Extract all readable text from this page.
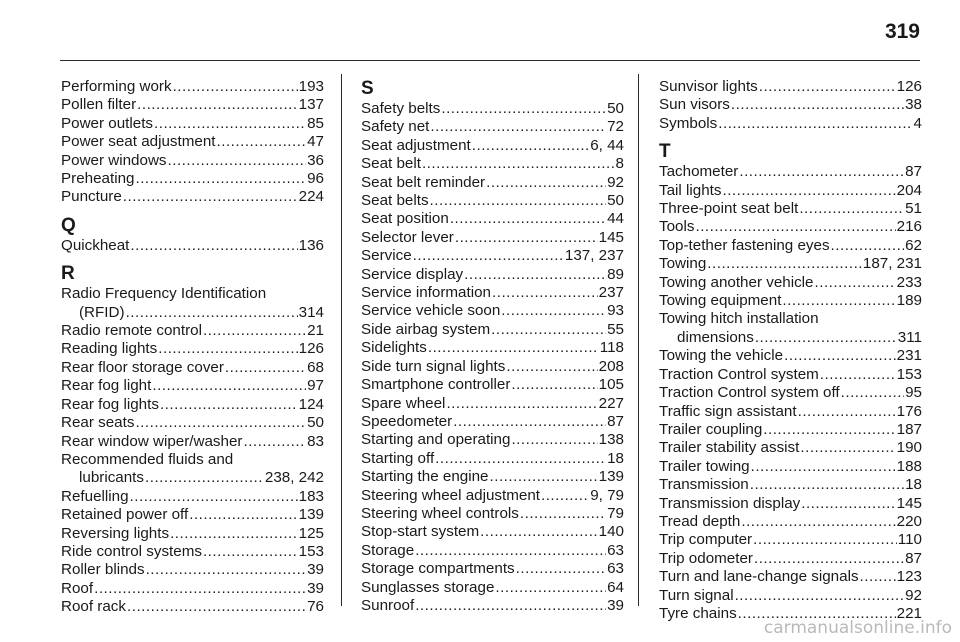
319
Performing work .....	193
Pollen filter .....	137
Power outlets .....	85
Power seat adjustment .....	47
Power windows .....	36
Preheating .....	96
Puncture .....	224
Q
Quickheat .....	136
R
Radio Frequency Identification
(RFID) .....	314
Radio remote control .....	21
Reading lights .....	126
Rear floor storage cover .....	68
Rear fog light .....	97
Rear fog lights .....	124
Rear seats .....	50
Rear window wiper/washer .....	83
Recommended fluids and
lubricants .....	238, 242
Refuelling .....	183
Retained power off .....	139
Reversing lights .....	125
Ride control systems .....	153
Roller blinds .....	39
Roof .....	39
Roof rack .....	76
S
Safety belts .....	50
Safety net .....	72
Seat adjustment .....	6, 44
Seat belt .....	8
Seat belt reminder .....	92
Seat belts .....	50
Seat position .....	44
Selector lever .....	145
Service .....	137, 237
Service display .....	89
Service information .....	237
Service vehicle soon .....	93
Side airbag system .....	55
Sidelights .....	118
Side turn signal lights .....	208
Smartphone controller .....	105
Spare wheel .....	227
Speedometer .....	87
Starting and operating .....	138
Starting off .....	18
Starting the engine .....	139
Steering wheel adjustment .....	9, 79
Steering wheel controls .....	79
Stop-start system .....	140
Storage .....	63
Storage compartments .....	63
Sunglasses storage .....	64
Sunroof .....	39
Sunvisor lights .....	126
Sun visors .....	38
Symbols .....	4
T
Tachometer .....	87
Tail lights .....	204
Three-point seat belt .....	51
Tools .....	216
Top-tether fastening eyes .....	62
Towing .....	187, 231
Towing another vehicle .....	233
Towing equipment .....	189
Towing hitch installation
dimensions .....	311
Towing the vehicle .....	231
Traction Control system .....	153
Traction Control system off .....	95
Traffic sign assistant .....	176
Trailer coupling .....	187
Trailer stability assist .....	190
Trailer towing .....	188
Transmission .....	18
Transmission display .....	145
Tread depth .....	220
Trip computer .....	110
Trip odometer .....	87
Turn and lane-change signals .....	123
Turn signal .....	92
Tyre chains .....	221
carmanualsonline.info
